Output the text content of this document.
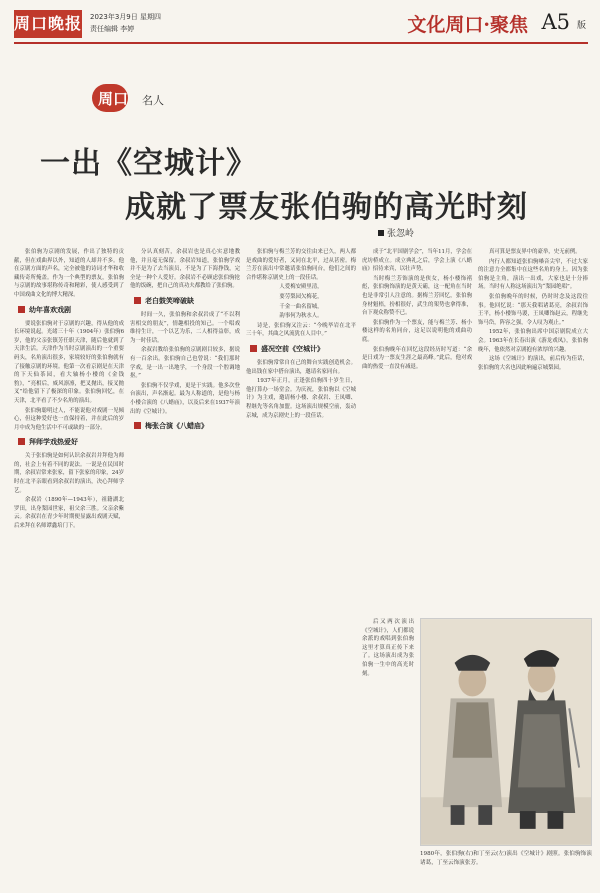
周口晚报 2023年3月9日 星期四
责任编辑 李婷	文化周口·聚焦 A5 版
周口 名人
一出《空城计》
成就了票友张伯驹的高光时刻
张忽岭

张伯驹为京剧的发展，作出了独特的贡献，但在戏曲界以外，知道的人却并不多。他在京剧方面的声名，完全被他的诗词才华和收藏传奇所掩盖。作为一个典型的票友，张伯驹与京剧的故事堪称传奇和精彩，使人感受到了中国戏曲文化的博大精深。

幼年喜欢戏剧

要说张伯驹对于京剧的兴趣，得从他的成长环境说起。光绪三十年（1904年）张伯驹6岁，他的父亲张镇芳任职天津，随后他就到了天津生活。天津作为当时京剧演出的一个重要码头，名角演出很多，家境较好的张伯驹就有了接触京剧的环境。他第一次看京剧是在天津的下天仙茶园，看大轴杨小楼的《金钱豹》，“亮相后，威风凛凛，把叉抛出，接叉抛叉”给他留下了极深的印象。张伯驹回忆，在天津，北平看了不少名角的演出。

张伯驹聪明过人，不能说他对戏剧一见倾心，但这种爱好也一直保持着，并在此后的岁月中成为他生活中不可或缺的一部分。

拜师学戏热爱好

关于张伯驹是如何认识余叔岩并拜他为师的，社会上有着不同的说法。一说是在民国时期，余叔岩常来张家，留下张家的印象，24岁时在北平亲眼看到余叔岩的演出，决心拜师学艺。

余叔岩（1890年—1943年），祖籍湖北罗田，出身梨园世家，祖父余三胜。父亲余紫云。余叔岩在青少年时期便显露出戏剧天赋，后来拜在名师谭鑫培门下。

分认真刻苦，余叔岩也是真心实意地教他，并且毫无保留。余叔岩知道，张伯驹学戏并不是为了去当演员，不是为了下海挣钱，完全是一种个人爱好。余叔岩不必顾虑张伯驹抢他的饭碗，把自己的真功夫都教给了张伯驹。

老白鼓笑啼破缺

时间一久，张伯驹和余叔岩成了“不以利害相交的朋友”，情趣相投的知己。一个唱戏维持生计，一个以艺为乐，二人相得益彰，成为一时佳话。

余叔岩教给张伯驹的京剧剧目较多，据说有一百余出。张伯驹自己也曾说：“我们那时学戏，是一出一出地学，一个身段一个腔调地抠。”

张伯驹不仅学戏，更是于实践。他多次登台演出，声名渐起。最为人称道的，是他与杨小楼合演的《八蜡庙》，以及后来在1937年演出的《空城计》。

梅张合演《八蜡庙》

张伯驹与梅兰芳的交往由来已久，两人都是戏曲的爱好者，又同在北平，过从甚密。梅兰芳在演出中常邀请张伯驹同台，他们之间的合作堪称京剧史上的一段佳话。

人爱梅安殿里清，

要劳梨园欠梅花，

千金一曲名留城，

韵事何为秋水人。

诗是，张伯驹又注云：“今晚毕岩在北平三十年，其曲之风流犹在人目中。”

盛况空前《空城计》

张伯驹常常自在己的舞台实践创造机会。他出钱在家中搭台演出，邀请名家同台。

1937年正月，正逢张伯驹四十岁生日，他打算办一场堂会。为庆祝，张伯驹以《空城计》为主戏，邀请杨小楼、余叔岩、王凤卿、程继先等名角加盟。这场演出规模空前，轰动京城，成为京剧史上的一段佳话。

成于“北平国剧学会”，当年11月，学会在虎坊桥成立。成立典礼之后，学会上演《八蜡庙》招待来宾，以壮声势。

当时梅兰芳饰演的是侠女，杨小楼饰褚彪，张伯驹饰演的是黄天霸，这一配角在当时也是非常引人注意的。据梅兰芳回忆，张伯驹身材魁梧，扮相很好，武生的架势也拿得准，台下观众称赞不已。

张伯驹作为一个票友，能与梅兰芳、杨小楼这样的名角同台，这足以说明他的戏曲功底。

张伯驹晚年在回忆这段经历时写道：“余是日戏为一票友生涯之最高峰。”此后，他对戏曲的热爱一直没有减退。

真可算是票友界中的豪举，史无前例。

内行人都知道张伯驹嗓音尖窄，不过大家的注意力全都集中在这些名角的身上。因为张伯驹是主角，演出一出戏，大家也是十分捧场。当时有人称这场演出为“梨园绝唱”。

张伯驹晚年的时候，仍时时念及这段往事。他回忆说：“那天我唱诸葛亮，余叔岩饰王平，杨小楼饰马谡，王凤卿饰赵云，程继先饰马岱，阵容之强，令人叹为观止。”

1952年，张伯驹出席中国京剧院成立大会。1963年在长春出演《游龙戏凤》，张伯驹晚年，他依然对京剧抱有浓厚的兴趣。

这场《空城计》的演出，前后传为佳话，张伯驹的大名也因此响遍京城梨园。

后又两次演出《空城计》，人们都说余派的戏唱到张伯驹这里才算真正传下来了。这场演出成为张伯驹一生中的高光时刻。

1980年，张伯驹(右)和丁至云(左)演出《空城计》剧照。张伯驹饰演诸葛，丁至云饰演张芳。
